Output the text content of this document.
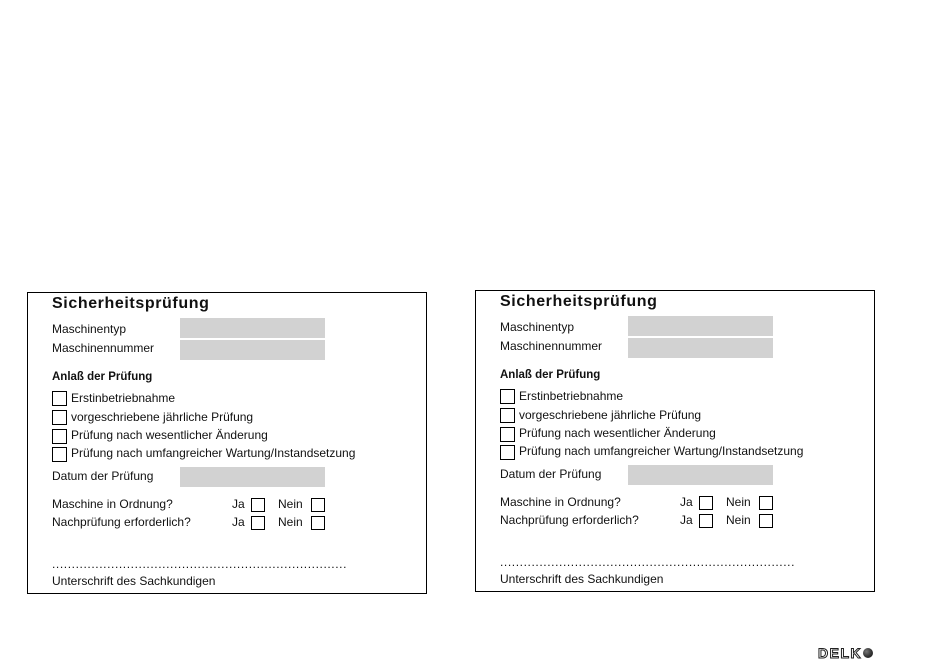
Sicherheitsprüfung
Maschinentyp
Maschinennummer
Anlaß der Prüfung
Erstinbetriebnahme
vorgeschriebene jährliche Prüfung
Prüfung nach wesentlicher Änderung
Prüfung nach umfangreicher Wartung/Instandsetzung
Datum der Prüfung
Maschine in Ordnung?	Ja	Nein
Nachprüfung erforderlich?	Ja	Nein
...........................................................................
Unterschrift des Sachkundigen
Sicherheitsprüfung
Maschinentyp
Maschinennummer
Anlaß der Prüfung
Erstinbetriebnahme
vorgeschriebene jährliche Prüfung
Prüfung nach wesentlicher Änderung
Prüfung nach umfangreicher Wartung/Instandsetzung
Datum der Prüfung
Maschine in Ordnung?	Ja	Nein
Nachprüfung erforderlich?	Ja	Nein
...........................................................................
Unterschrift des Sachkundigen
DELK
